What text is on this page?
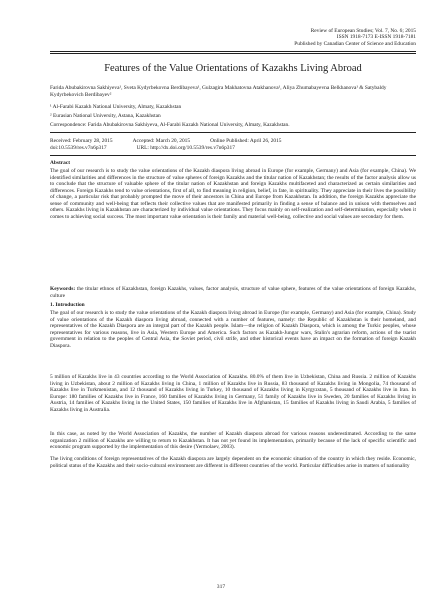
Review of European Studies; Vol. 7, No. 6; 2015
ISSN 1918-7173 E-ISSN 1918-7181
Published by Canadian Center of Science and Education
Features of the Value Orientations of Kazakhs Living Abroad
Farida Abubakirovna Sakhiyeva¹, Sveta Kydyrbekovna Berdibayeva¹, Gulzagira Makhatovna Atakhanova¹, Aliya Zhumabayevna Belkhanova¹ & Satybaldy Kydyrbekovich Berdibayev²
¹ Al-Farabi Kazakh National University, Almaty, Kazakhstan
² Eurasian National University, Astana, Kazakhstan
Correspondence: Farida Abubakirovna Sakhiyeva, Al-Farabi Kazakh National University, Almaty, Kazakhstan.
Received: February 28, 2015	Accepted: March 20, 2015	Online Published: April 26, 2015
doi:10.5539/res.v7n6p317	URL: http://dx.doi.org/10.5539/res.v7n6p317
Abstract
The goal of our research is to study the value orientations of the Kazakh diaspora living abroad in Europe (for example, Germany) and Asia (for example, China). We identified similarities and differences in the structure of value spheres of foreign Kazakhs and the titular nation of Kazakhstan; the results of the factor analysis allow us to conclude that the structure of valuable sphere of the titular nation of Kazakhstan and foreign Kazakhs multifaceted and characterized as certain similarities and differences. Foreign Kazakhs tend to value orientations, first of all, to find meaning in religion, belief, in fate, in spirituality. They appreciate in their lives the possibility of change, a particular risk that probably prompted the move of their ancestors in China and Europe from Kazakhstan. In addition, the foreign Kazakhs appreciate the sense of community and well-being that reflects their collective values that are manifested primarily in finding a sense of balance and in unison with themselves and others. Kazakhs living in Kazakhstan are characterized by individual value orientations. They focus mainly on self-realization and self-determination, especially when it comes to achieving social success. The most important value orientation is their family and material well-being, collective and social values are secondary for them.
Keywords: the titular ethnos of Kazakhstan, foreign Kazakhs, values, factor analysis, structure of value sphere, features of the value orientations of foreign Kazakhs, culture
1. Introduction
The goal of our research is to study the value orientations of the Kazakh diaspora living abroad in Europe (for example, Germany) and Asia (for example, China). Study of value orientations of the Kazakh diaspora living abroad, connected with a number of features, namely: the Republic of Kazakhstan is their homeland, and representatives of the Kazakh Diaspora are an integral part of the Kazakh people. Islam—the religion of Kazakh Diaspora, which is among the Turkic peoples, whose representatives for various reasons, live in Asia, Western Europe and America. Such factors as Kazakh-Jungar wars, Stalin's agrarian reform, actions of the tsarist government in relation to the peoples of Central Asia, the Soviet period, civil strife, and other historical events have an impact on the formation of foreign Kazakh Diaspora.
5 million of Kazakhs live in 43 countries according to the World Association of Kazakhs. 80.0% of them live in Uzbekistan, China and Russia. 2 million of Kazakhs living in Uzbekistan, about 2 million of Kazakhs living in China, 1 million of Kazakhs live in Russia, 83 thousand of Kazakhs living in Mongolia, 74 thousand of Kazakhs live in Turkmenistan, and 12 thousand of Kazakhs living in Turkey, 10 thousand of Kazakhs living in Kyrgyzstan, 5 thousand of Kazakhs live in Iran. In Europe: 180 families of Kazakhs live in France, 160 families of Kazakhs living in Germany, 51 family of Kazakhs live in Sweden, 20 families of Kazakhs living in Austria, 14 families of Kazakhs living in the United States, 150 families of Kazakhs live in Afghanistan, 15 families of Kazakhs living in Saudi Arabia, 5 families of Kazakhs living in Australia.
In this case, as noted by the World Association of Kazakhs, the number of Kazakh diaspora abroad for various reasons underestimated. According to the same organization 2 million of Kazakhs are willing to return to Kazakhstan. It has not yet found its implementation, primarily because of the lack of specific scientific and economic program supported by the implementation of this desire (Yermolaev, 2003).
The living conditions of foreign representatives of the Kazakh diaspora are largely dependent on the economic situation of the country in which they reside. Economic, political status of the Kazakhs and their socio-cultural environment are different in different countries of the world. Particular difficulties arise in matters of nationality
317
